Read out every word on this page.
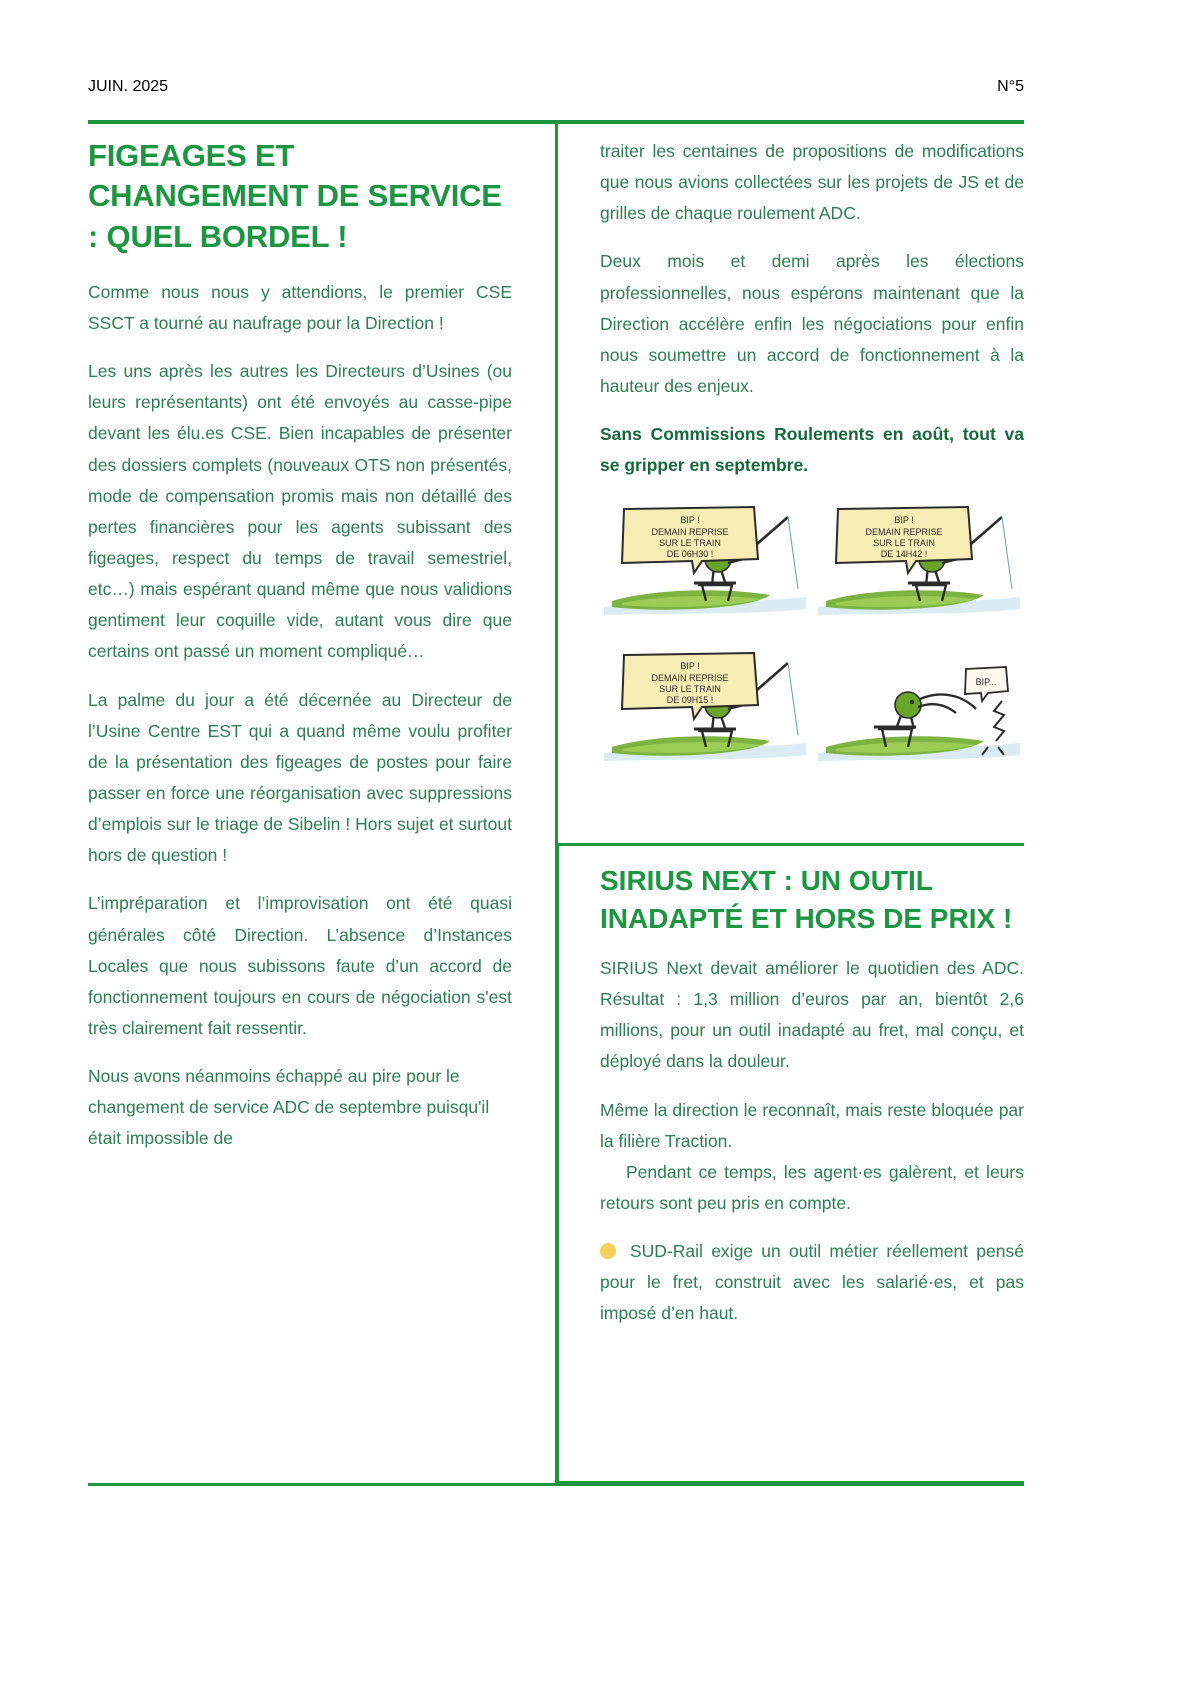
JUIN. 2025	N°5
FIGEAGES ET CHANGEMENT DE SERVICE : QUEL BORDEL !

Comme nous nous y attendions, le premier CSE SSCT a tourné au naufrage pour la Direction !

Les uns après les autres les Directeurs d’Usines (ou leurs représentants) ont été envoyés au casse-pipe devant les élu.es CSE. Bien incapables de présenter des dossiers complets (nouveaux OTS non présentés, mode de compensation promis mais non détaillé des pertes financières pour les agents subissant des figeages, respect du temps de travail semestriel, etc…) mais espérant quand même que nous validions gentiment leur coquille vide, autant vous dire que certains ont passé un moment compliqué…

La palme du jour a été décernée au Directeur de l’Usine Centre EST qui a quand même voulu profiter de la présentation des figeages de postes pour faire passer en force une réorganisation avec suppressions d’emplois sur le triage de Sibelin ! Hors sujet et surtout hors de question !

L’impréparation et l’improvisation ont été quasi générales côté Direction. L’absence d’Instances Locales que nous subissons faute d’un accord de fonctionnement toujours en cours de négociation s'est très clairement fait ressentir.

Nous avons néanmoins échappé au pire pour le changement de service ADC de septembre puisqu'il était impossible de

traiter les centaines de propositions de modifications que nous avions collectées sur les projets de JS et de grilles de chaque roulement ADC.

Deux mois et demi après les élections professionnelles, nous espérons maintenant que la Direction accélère enfin les négociations pour enfin nous soumettre un accord de fonctionnement à la hauteur des enjeux.

Sans Commissions Roulements en août, tout va se gripper en septembre.

BIP !
DEMAIN REPRISE
SUR LE TRAIN
DE 06H30 !
BIP !
DEMAIN REPRISE
SUR LE TRAIN
DE 14H42 !
BIP !
DEMAIN REPRISE
SUR LE TRAIN
DE 09H15 !
BIP...
SIRIUS NEXT : UN OUTIL INADAPTÉ ET HORS DE PRIX !

SIRIUS Next devait améliorer le quotidien des ADC. Résultat : 1,3 million d’euros par an, bientôt 2,6 millions, pour un outil inadapté au fret, mal conçu, et déployé dans la douleur.

Même la direction le reconnaît, mais reste bloquée par la filière Traction.
Pendant ce temps, les agent·es galèrent, et leurs retours sont peu pris en compte.

SUD-Rail exige un outil métier réellement pensé pour le fret, construit avec les salarié·es, et pas imposé d’en haut.
